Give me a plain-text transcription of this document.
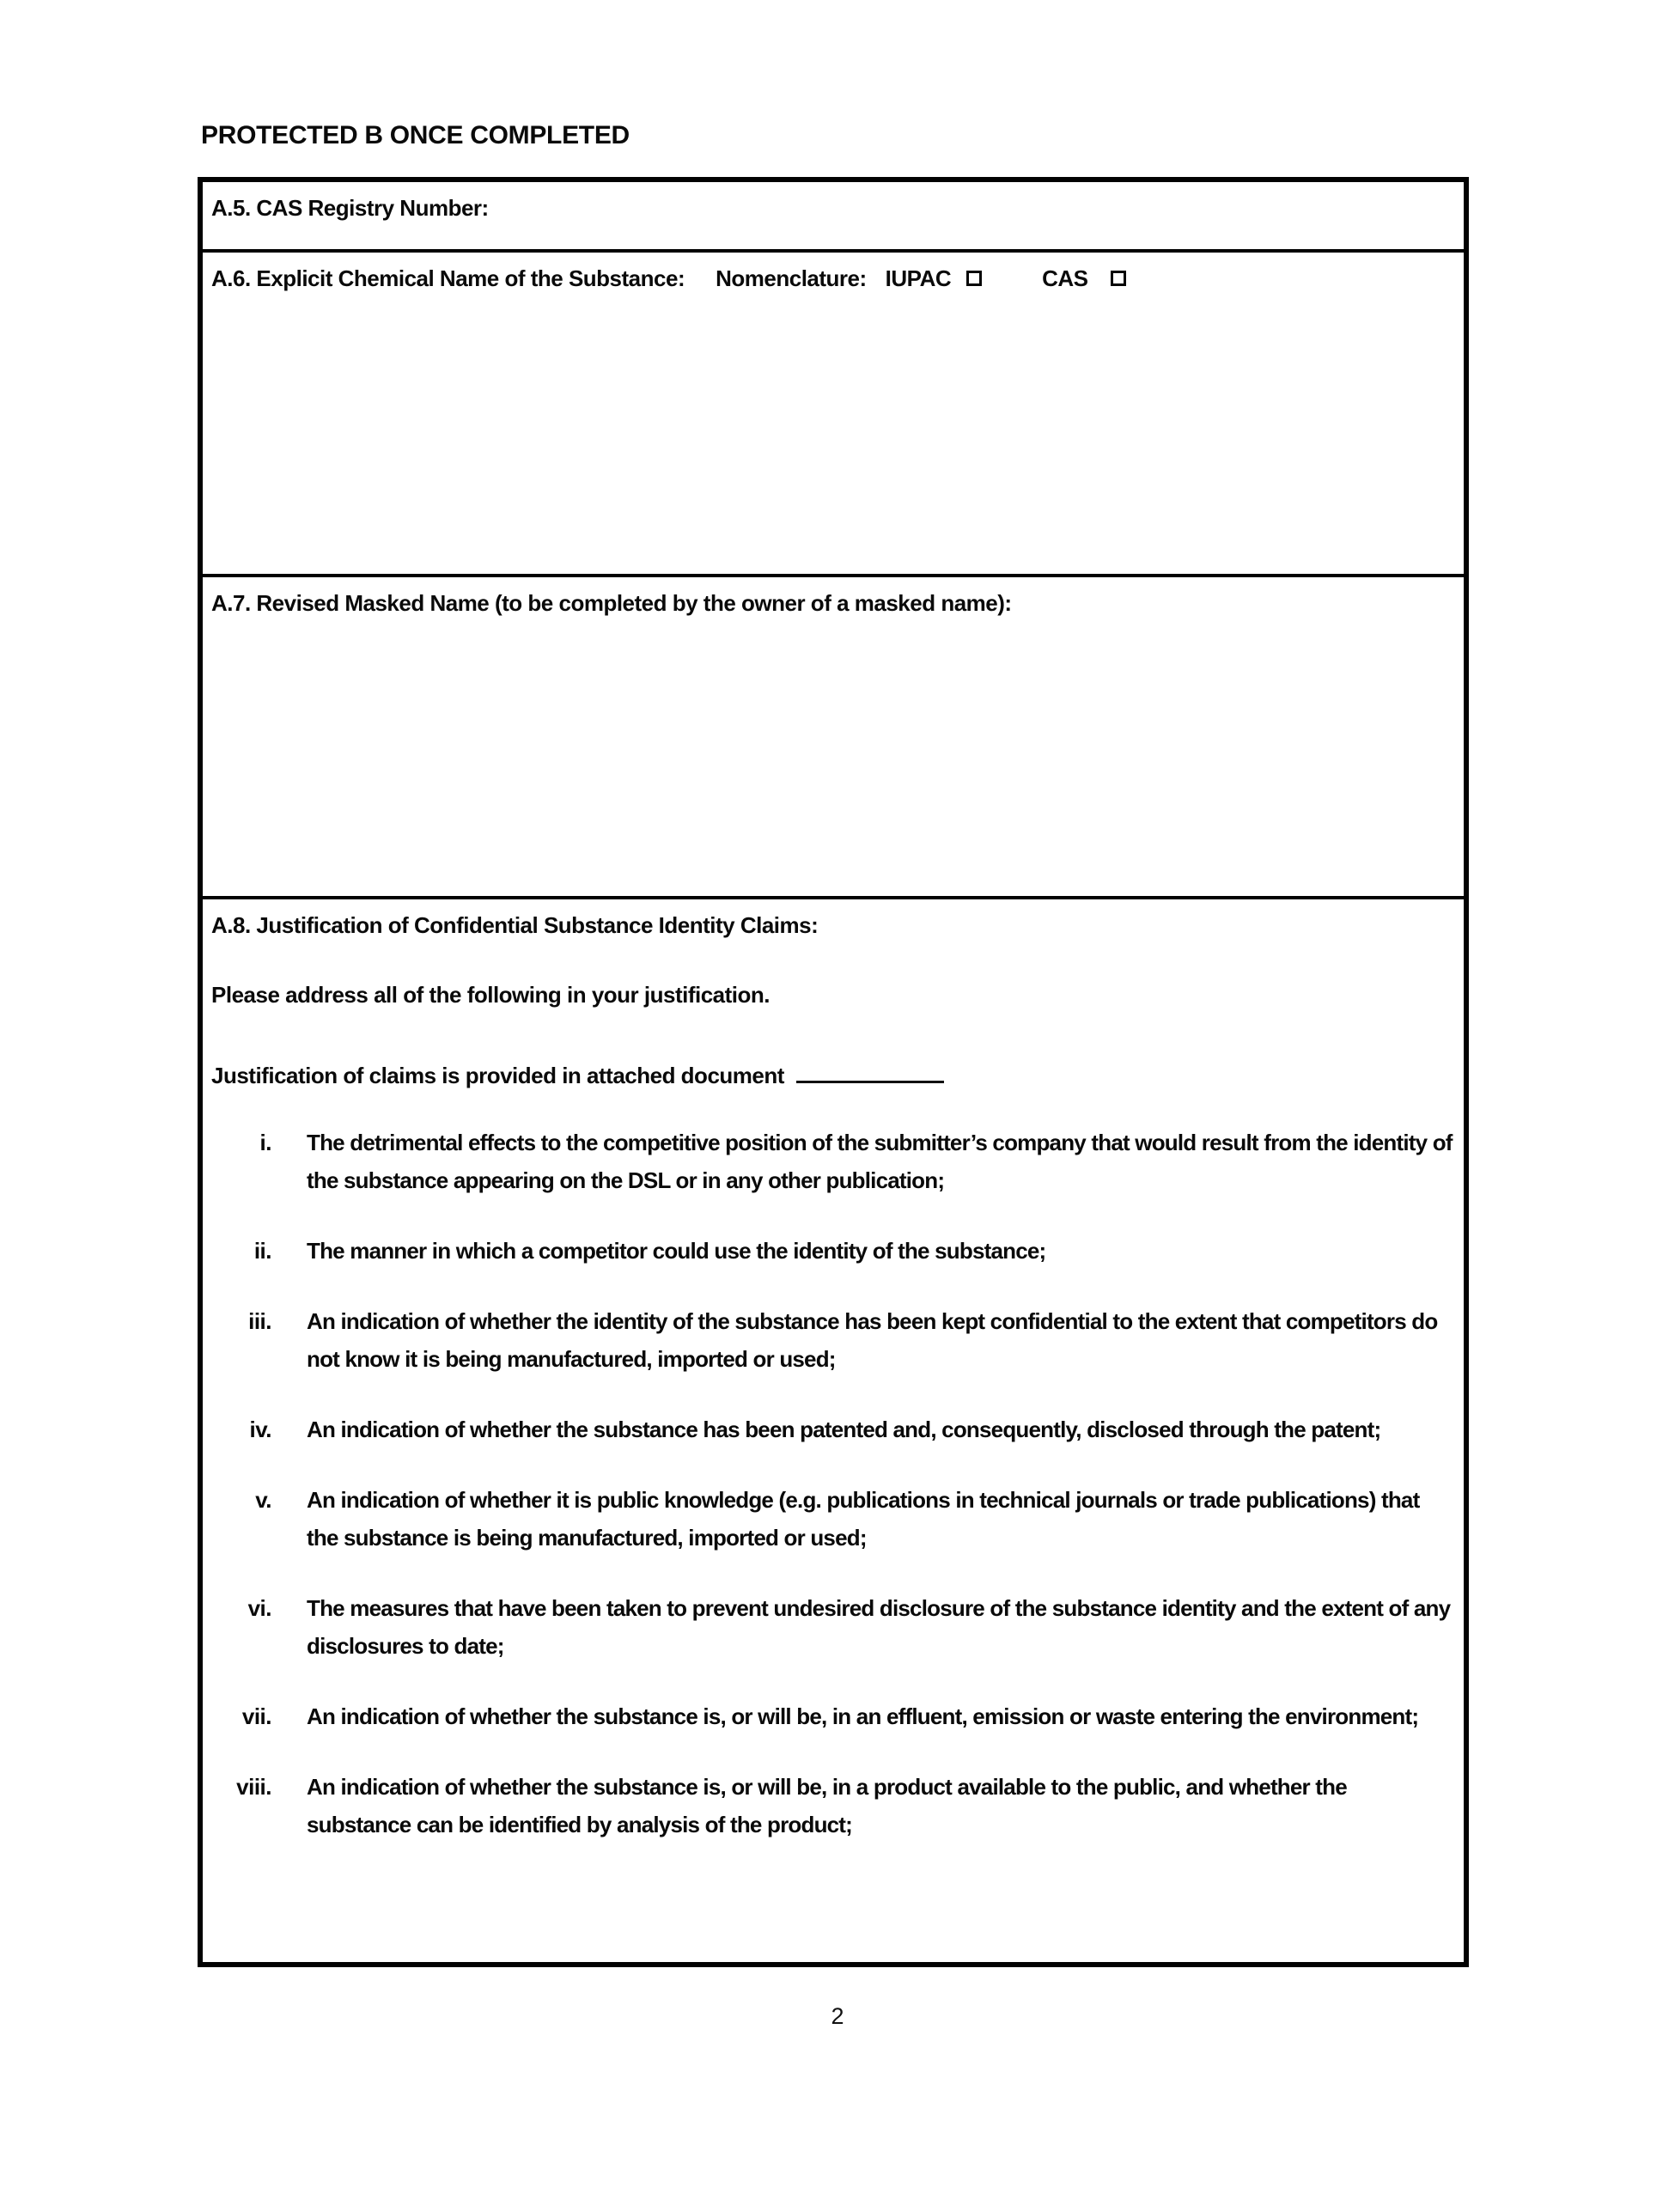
PROTECTED B ONCE COMPLETED
A.5. CAS Registry Number:
A.6. Explicit Chemical Name of the Substance: Nomenclature: IUPAC	CAS
A.7. Revised Masked Name (to be completed by the owner of a masked name):
A.8. Justification of Confidential Substance Identity Claims:
Please address all of the following in your justification.
Justification of claims is provided in attached document
i. The detrimental effects to the competitive position of the submitter’s company that would result from the identity of the substance appearing on the DSL or in any other publication;
ii. The manner in which a competitor could use the identity of the substance;
iii. An indication of whether the identity of the substance has been kept confidential to the extent that competitors do not know it is being manufactured, imported or used;
iv. An indication of whether the substance has been patented and, consequently, disclosed through the patent;
v. An indication of whether it is public knowledge (e.g. publications in technical journals or trade publications) that the substance is being manufactured, imported or used;
vi. The measures that have been taken to prevent undesired disclosure of the substance identity and the extent of any disclosures to date;
vii. An indication of whether the substance is, or will be, in an effluent, emission or waste entering the environment;
viii. An indication of whether the substance is, or will be, in a product available to the public, and whether the substance can be identified by analysis of the product;
2
